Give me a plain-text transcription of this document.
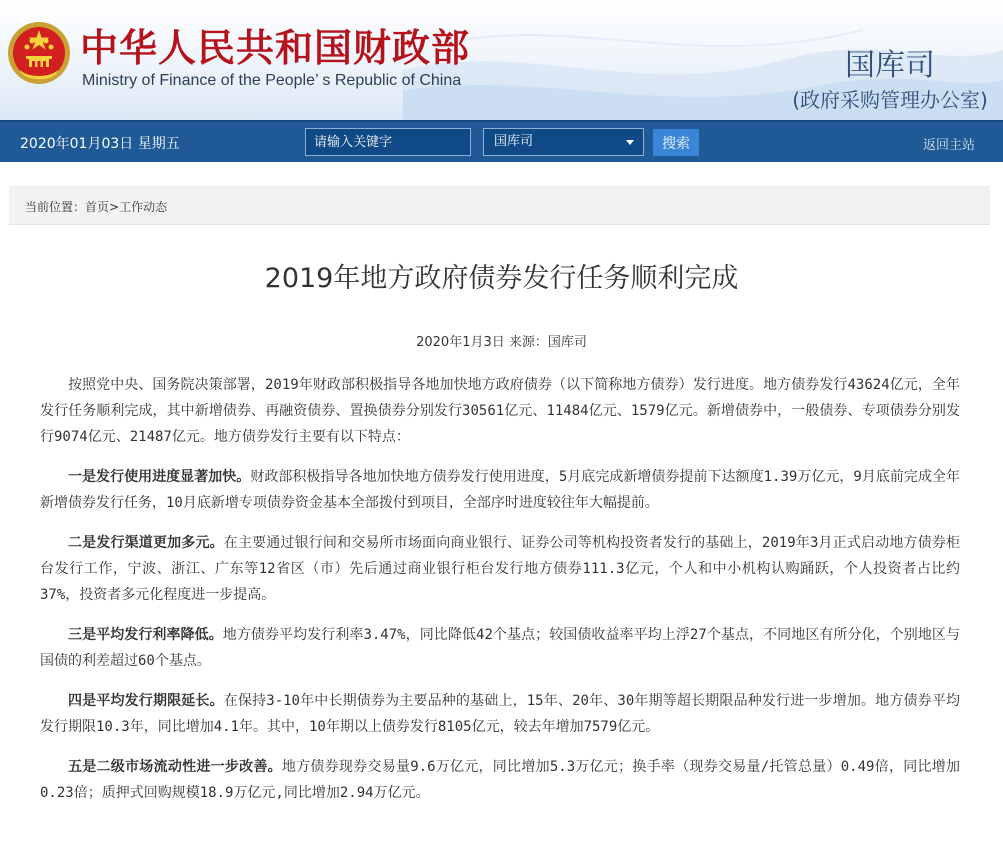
中华人民共和国财政部
Ministry of Finance of the People’ s Republic of China	国库司
(政府采购管理办公室)
2020年01月03日 星期五
请输入关键字	国库司	搜索	返回主站
当前位置：首页>工作动态
2019年地方政府债券发行任务顺利完成
2020年1月3日 来源：国库司

按照党中央、国务院决策部署，2019年财政部积极指导各地加快地方政府债券（以下简称地方债券）发行进度。地方债券发行43624亿元，全年发行任务顺利完成，其中新增债券、再融资债券、置换债券分别发行30561亿元、11484亿元、1579亿元。新增债券中，一般债券、专项债券分别发行9074亿元、21487亿元。地方债券发行主要有以下特点：

一是发行使用进度显著加快。财政部积极指导各地加快地方债券发行使用进度，5月底完成新增债券提前下达额度1.39万亿元，9月底前完成全年新增债券发行任务，10月底新增专项债券资金基本全部拨付到项目，全部序时进度较往年大幅提前。

二是发行渠道更加多元。在主要通过银行间和交易所市场面向商业银行、证券公司等机构投资者发行的基础上，2019年3月正式启动地方债券柜台发行工作，宁波、浙江、广东等12省区（市）先后通过商业银行柜台发行地方债券111.3亿元，个人和中小机构认购踊跃，个人投资者占比约37%，投资者多元化程度进一步提高。

三是平均发行利率降低。地方债券平均发行利率3.47%，同比降低42个基点；较国债收益率平均上浮27个基点，不同地区有所分化，个别地区与国债的利差超过60个基点。

四是平均发行期限延长。在保持3-10年中长期债券为主要品种的基础上，15年、20年、30年期等超长期限品种发行进一步增加。地方债券平均发行期限10.3年，同比增加4.1年。其中，10年期以上债券发行8105亿元，较去年增加7579亿元。

五是二级市场流动性进一步改善。地方债券现券交易量9.6万亿元，同比增加5.3万亿元；换手率（现券交易量/托管总量）0.49倍，同比增加0.23倍；质押式回购规模18.9万亿元,同比增加2.94万亿元。
